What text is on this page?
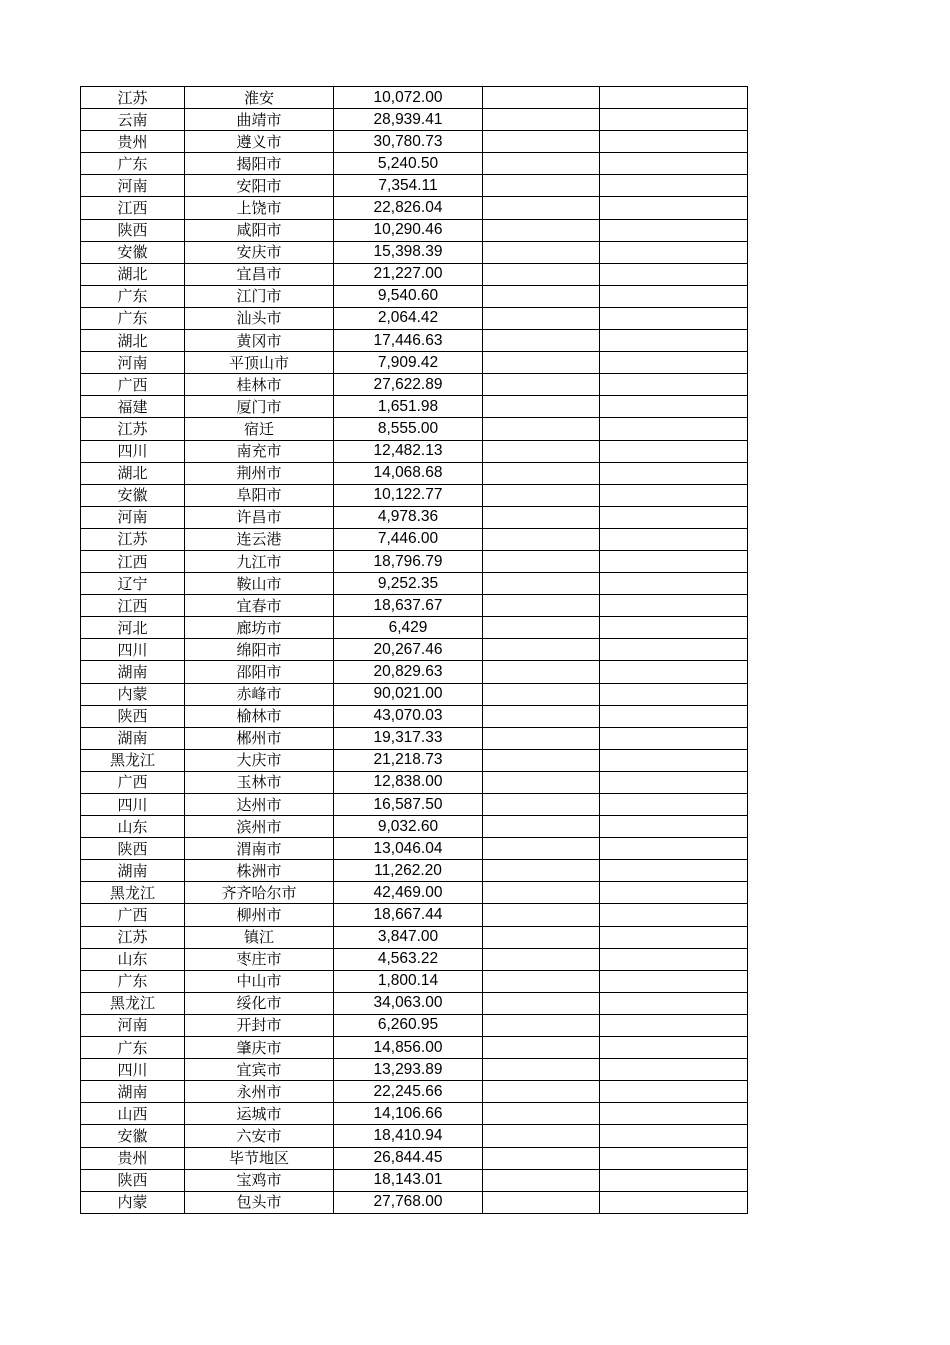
江苏	淮安	10,072.00		
云南	曲靖市	28,939.41		
贵州	遵义市	30,780.73		
广东	揭阳市	5,240.50		
河南	安阳市	7,354.11		
江西	上饶市	22,826.04		
陕西	咸阳市	10,290.46		
安徽	安庆市	15,398.39		
湖北	宜昌市	21,227.00		
广东	江门市	9,540.60		
广东	汕头市	2,064.42		
湖北	黄冈市	17,446.63		
河南	平顶山市	7,909.42		
广西	桂林市	27,622.89		
福建	厦门市	1,651.98		
江苏	宿迁	8,555.00		
四川	南充市	12,482.13		
湖北	荆州市	14,068.68		
安徽	阜阳市	10,122.77		
河南	许昌市	4,978.36		
江苏	连云港	7,446.00		
江西	九江市	18,796.79		
辽宁	鞍山市	9,252.35		
江西	宜春市	18,637.67		
河北	廊坊市	6,429		
四川	绵阳市	20,267.46		
湖南	邵阳市	20,829.63		
内蒙	赤峰市	90,021.00		
陕西	榆林市	43,070.03		
湖南	郴州市	19,317.33		
黑龙江	大庆市	21,218.73		
广西	玉林市	12,838.00		
四川	达州市	16,587.50		
山东	滨州市	9,032.60		
陕西	渭南市	13,046.04		
湖南	株洲市	11,262.20		
黑龙江	齐齐哈尔市	42,469.00		
广西	柳州市	18,667.44		
江苏	镇江	3,847.00		
山东	枣庄市	4,563.22		
广东	中山市	1,800.14		
黑龙江	绥化市	34,063.00		
河南	开封市	6,260.95		
广东	肇庆市	14,856.00		
四川	宜宾市	13,293.89		
湖南	永州市	22,245.66		
山西	运城市	14,106.66		
安徽	六安市	18,410.94		
贵州	毕节地区	26,844.45		
陕西	宝鸡市	18,143.01		
内蒙	包头市	27,768.00		
